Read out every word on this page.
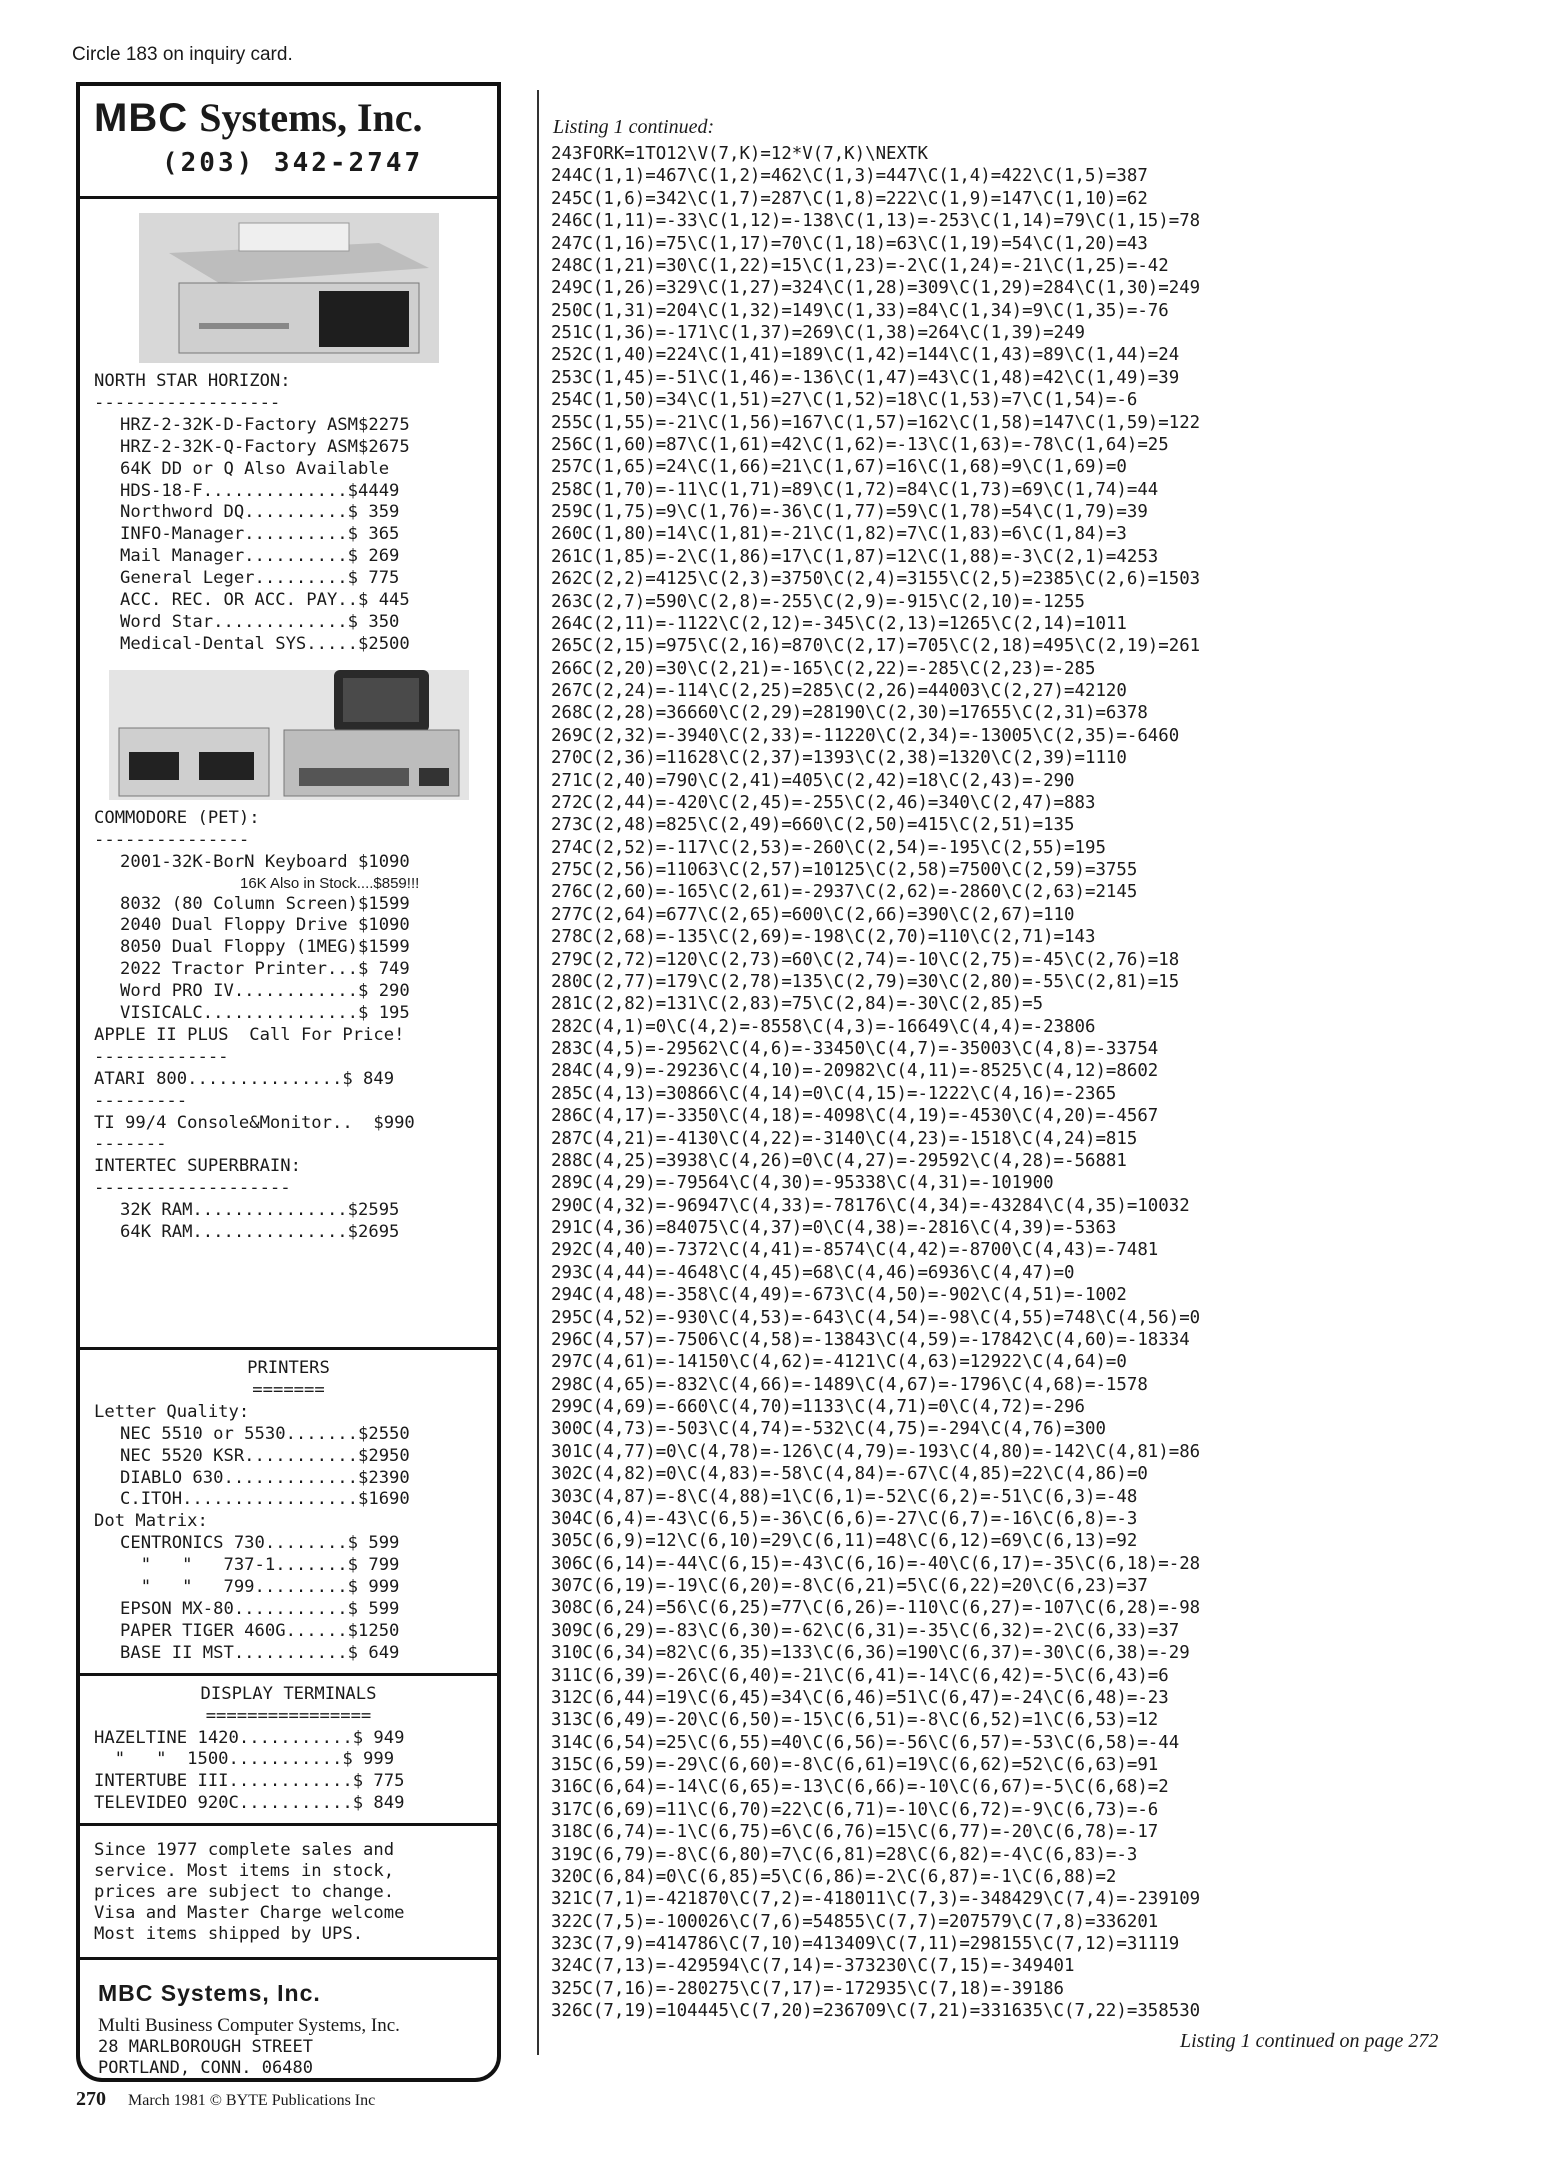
Circle 183 on inquiry card.
MBC Systems, Inc.
(203) 342-2747
NORTH STAR HORIZON:
------------------
HRZ-2-32K-D-Factory ASM$2275
HRZ-2-32K-Q-Factory ASM$2675
64K DD or Q Also Available
HDS-18-F..............$4449
Northword DQ..........$ 359
INFO-Manager..........$ 365
Mail Manager..........$ 269
General Leger.........$ 775
ACC. REC. OR ACC. PAY..$ 445
Word Star.............$ 350
Medical-Dental SYS.....$2500
COMMODORE (PET):
---------------
2001-32K-BorN Keyboard $1090
16K Also in Stock....$859!!!
8032 (80 Column Screen)$1599
2040 Dual Floppy Drive $1090
8050 Dual Floppy (1MEG)$1599
2022 Tractor Printer...$ 749
Word PRO IV............$ 290
VISICALC...............$ 195
APPLE II PLUS  Call For Price!
-------------
ATARI 800...............$ 849
---------
TI 99/4 Console&Monitor..  $990
-------
INTERTEC SUPERBRAIN:
-------------------
32K RAM...............$2595
64K RAM...............$2695
PRINTERS
=======
Letter Quality:
NEC 5510 or 5530.......$2550
NEC 5520 KSR...........$2950
DIABLO 630.............$2390
C.ITOH.................$1690
Dot Matrix:
CENTRONICS 730........$ 599
"   "   737-1.......$ 799
"   "   799.........$ 999
EPSON MX-80...........$ 599
PAPER TIGER 460G......$1250
BASE II MST...........$ 649
DISPLAY TERMINALS
================
HAZELTINE 1420...........$ 949
"   "  1500...........$ 999
INTERTUBE III............$ 775
TELEVIDEO 920C...........$ 849
Since 1977 complete sales and
service. Most items in stock,
prices are subject to change.
Visa and Master Charge welcome
Most items shipped by UPS.
MBC Systems, Inc.
Multi Business Computer Systems, Inc.
28 MARLBOROUGH STREET
PORTLAND, CONN. 06480
Listing 1 continued:
243FORK=1TO12\V(7,K)=12*V(7,K)\NEXTK
244C(1,1)=467\C(1,2)=462\C(1,3)=447\C(1,4)=422\C(1,5)=387
245C(1,6)=342\C(1,7)=287\C(1,8)=222\C(1,9)=147\C(1,10)=62
246C(1,11)=-33\C(1,12)=-138\C(1,13)=-253\C(1,14)=79\C(1,15)=78
247C(1,16)=75\C(1,17)=70\C(1,18)=63\C(1,19)=54\C(1,20)=43
248C(1,21)=30\C(1,22)=15\C(1,23)=-2\C(1,24)=-21\C(1,25)=-42
249C(1,26)=329\C(1,27)=324\C(1,28)=309\C(1,29)=284\C(1,30)=249
250C(1,31)=204\C(1,32)=149\C(1,33)=84\C(1,34)=9\C(1,35)=-76
251C(1,36)=-171\C(1,37)=269\C(1,38)=264\C(1,39)=249
252C(1,40)=224\C(1,41)=189\C(1,42)=144\C(1,43)=89\C(1,44)=24
253C(1,45)=-51\C(1,46)=-136\C(1,47)=43\C(1,48)=42\C(1,49)=39
254C(1,50)=34\C(1,51)=27\C(1,52)=18\C(1,53)=7\C(1,54)=-6
255C(1,55)=-21\C(1,56)=167\C(1,57)=162\C(1,58)=147\C(1,59)=122
256C(1,60)=87\C(1,61)=42\C(1,62)=-13\C(1,63)=-78\C(1,64)=25
257C(1,65)=24\C(1,66)=21\C(1,67)=16\C(1,68)=9\C(1,69)=0
258C(1,70)=-11\C(1,71)=89\C(1,72)=84\C(1,73)=69\C(1,74)=44
259C(1,75)=9\C(1,76)=-36\C(1,77)=59\C(1,78)=54\C(1,79)=39
260C(1,80)=14\C(1,81)=-21\C(1,82)=7\C(1,83)=6\C(1,84)=3
261C(1,85)=-2\C(1,86)=17\C(1,87)=12\C(1,88)=-3\C(2,1)=4253
262C(2,2)=4125\C(2,3)=3750\C(2,4)=3155\C(2,5)=2385\C(2,6)=1503
263C(2,7)=590\C(2,8)=-255\C(2,9)=-915\C(2,10)=-1255
264C(2,11)=-1122\C(2,12)=-345\C(2,13)=1265\C(2,14)=1011
265C(2,15)=975\C(2,16)=870\C(2,17)=705\C(2,18)=495\C(2,19)=261
266C(2,20)=30\C(2,21)=-165\C(2,22)=-285\C(2,23)=-285
267C(2,24)=-114\C(2,25)=285\C(2,26)=44003\C(2,27)=42120
268C(2,28)=36660\C(2,29)=28190\C(2,30)=17655\C(2,31)=6378
269C(2,32)=-3940\C(2,33)=-11220\C(2,34)=-13005\C(2,35)=-6460
270C(2,36)=11628\C(2,37)=1393\C(2,38)=1320\C(2,39)=1110
271C(2,40)=790\C(2,41)=405\C(2,42)=18\C(2,43)=-290
272C(2,44)=-420\C(2,45)=-255\C(2,46)=340\C(2,47)=883
273C(2,48)=825\C(2,49)=660\C(2,50)=415\C(2,51)=135
274C(2,52)=-117\C(2,53)=-260\C(2,54)=-195\C(2,55)=195
275C(2,56)=11063\C(2,57)=10125\C(2,58)=7500\C(2,59)=3755
276C(2,60)=-165\C(2,61)=-2937\C(2,62)=-2860\C(2,63)=2145
277C(2,64)=677\C(2,65)=600\C(2,66)=390\C(2,67)=110
278C(2,68)=-135\C(2,69)=-198\C(2,70)=110\C(2,71)=143
279C(2,72)=120\C(2,73)=60\C(2,74)=-10\C(2,75)=-45\C(2,76)=18
280C(2,77)=179\C(2,78)=135\C(2,79)=30\C(2,80)=-55\C(2,81)=15
281C(2,82)=131\C(2,83)=75\C(2,84)=-30\C(2,85)=5
282C(4,1)=0\C(4,2)=-8558\C(4,3)=-16649\C(4,4)=-23806
283C(4,5)=-29562\C(4,6)=-33450\C(4,7)=-35003\C(4,8)=-33754
284C(4,9)=-29236\C(4,10)=-20982\C(4,11)=-8525\C(4,12)=8602
285C(4,13)=30866\C(4,14)=0\C(4,15)=-1222\C(4,16)=-2365
286C(4,17)=-3350\C(4,18)=-4098\C(4,19)=-4530\C(4,20)=-4567
287C(4,21)=-4130\C(4,22)=-3140\C(4,23)=-1518\C(4,24)=815
288C(4,25)=3938\C(4,26)=0\C(4,27)=-29592\C(4,28)=-56881
289C(4,29)=-79564\C(4,30)=-95338\C(4,31)=-101900
290C(4,32)=-96947\C(4,33)=-78176\C(4,34)=-43284\C(4,35)=10032
291C(4,36)=84075\C(4,37)=0\C(4,38)=-2816\C(4,39)=-5363
292C(4,40)=-7372\C(4,41)=-8574\C(4,42)=-8700\C(4,43)=-7481
293C(4,44)=-4648\C(4,45)=68\C(4,46)=6936\C(4,47)=0
294C(4,48)=-358\C(4,49)=-673\C(4,50)=-902\C(4,51)=-1002
295C(4,52)=-930\C(4,53)=-643\C(4,54)=-98\C(4,55)=748\C(4,56)=0
296C(4,57)=-7506\C(4,58)=-13843\C(4,59)=-17842\C(4,60)=-18334
297C(4,61)=-14150\C(4,62)=-4121\C(4,63)=12922\C(4,64)=0
298C(4,65)=-832\C(4,66)=-1489\C(4,67)=-1796\C(4,68)=-1578
299C(4,69)=-660\C(4,70)=1133\C(4,71)=0\C(4,72)=-296
300C(4,73)=-503\C(4,74)=-532\C(4,75)=-294\C(4,76)=300
301C(4,77)=0\C(4,78)=-126\C(4,79)=-193\C(4,80)=-142\C(4,81)=86
302C(4,82)=0\C(4,83)=-58\C(4,84)=-67\C(4,85)=22\C(4,86)=0
303C(4,87)=-8\C(4,88)=1\C(6,1)=-52\C(6,2)=-51\C(6,3)=-48
304C(6,4)=-43\C(6,5)=-36\C(6,6)=-27\C(6,7)=-16\C(6,8)=-3
305C(6,9)=12\C(6,10)=29\C(6,11)=48\C(6,12)=69\C(6,13)=92
306C(6,14)=-44\C(6,15)=-43\C(6,16)=-40\C(6,17)=-35\C(6,18)=-28
307C(6,19)=-19\C(6,20)=-8\C(6,21)=5\C(6,22)=20\C(6,23)=37
308C(6,24)=56\C(6,25)=77\C(6,26)=-110\C(6,27)=-107\C(6,28)=-98
309C(6,29)=-83\C(6,30)=-62\C(6,31)=-35\C(6,32)=-2\C(6,33)=37
310C(6,34)=82\C(6,35)=133\C(6,36)=190\C(6,37)=-30\C(6,38)=-29
311C(6,39)=-26\C(6,40)=-21\C(6,41)=-14\C(6,42)=-5\C(6,43)=6
312C(6,44)=19\C(6,45)=34\C(6,46)=51\C(6,47)=-24\C(6,48)=-23
313C(6,49)=-20\C(6,50)=-15\C(6,51)=-8\C(6,52)=1\C(6,53)=12
314C(6,54)=25\C(6,55)=40\C(6,56)=-56\C(6,57)=-53\C(6,58)=-44
315C(6,59)=-29\C(6,60)=-8\C(6,61)=19\C(6,62)=52\C(6,63)=91
316C(6,64)=-14\C(6,65)=-13\C(6,66)=-10\C(6,67)=-5\C(6,68)=2
317C(6,69)=11\C(6,70)=22\C(6,71)=-10\C(6,72)=-9\C(6,73)=-6
318C(6,74)=-1\C(6,75)=6\C(6,76)=15\C(6,77)=-20\C(6,78)=-17
319C(6,79)=-8\C(6,80)=7\C(6,81)=28\C(6,82)=-4\C(6,83)=-3
320C(6,84)=0\C(6,85)=5\C(6,86)=-2\C(6,87)=-1\C(6,88)=2
321C(7,1)=-421870\C(7,2)=-418011\C(7,3)=-348429\C(7,4)=-239109
322C(7,5)=-100026\C(7,6)=54855\C(7,7)=207579\C(7,8)=336201
323C(7,9)=414786\C(7,10)=413409\C(7,11)=298155\C(7,12)=31119
324C(7,13)=-429594\C(7,14)=-373230\C(7,15)=-349401
325C(7,16)=-280275\C(7,17)=-172935\C(7,18)=-39186
326C(7,19)=104445\C(7,20)=236709\C(7,21)=331635\C(7,22)=358530
Listing 1 continued on page 272
270 March 1981 © BYTE Publications Inc
